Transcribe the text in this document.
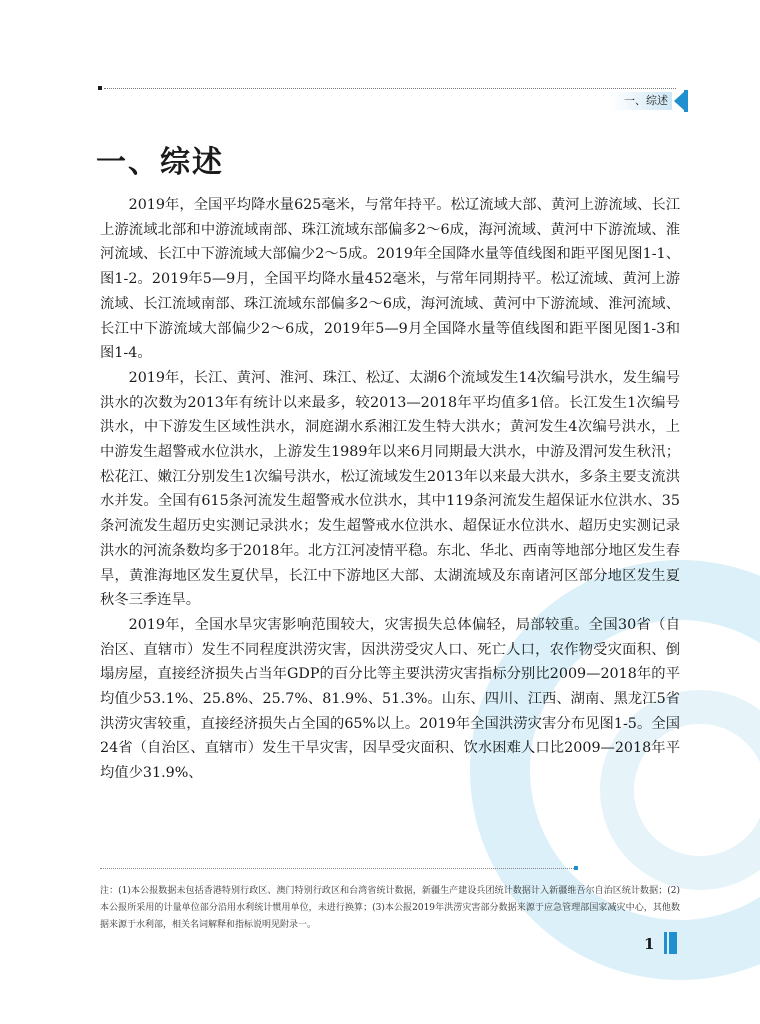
一、综述
一、综述

2019年，全国平均降水量625毫米，与常年持平。松辽流域大部、黄河上游流域、长江上游流域北部和中游流域南部、珠江流域东部偏多2～6成，海河流域、黄河中下游流域、淮河流域、长江中下游流域大部偏少2～5成。2019年全国降水量等值线图和距平图见图1-1、图1-2。2019年5—9月，全国平均降水量452毫米，与常年同期持平。松辽流域、黄河上游流域、长江流域南部、珠江流域东部偏多2～6成，海河流域、黄河中下游流域、淮河流域、长江中下游流域大部偏少2～6成，2019年5—9月全国降水量等值线图和距平图见图1-3和图1-4。

2019年，长江、黄河、淮河、珠江、松辽、太湖6个流域发生14次编号洪水，发生编号洪水的次数为2013年有统计以来最多，较2013—2018年平均值多1倍。长江发生1次编号洪水，中下游发生区域性洪水，洞庭湖水系湘江发生特大洪水；黄河发生4次编号洪水，上中游发生超警戒水位洪水，上游发生1989年以来6月同期最大洪水，中游及渭河发生秋汛；松花江、嫩江分别发生1次编号洪水，松辽流域发生2013年以来最大洪水，多条主要支流洪水并发。全国有615条河流发生超警戒水位洪水，其中119条河流发生超保证水位洪水、35条河流发生超历史实测记录洪水；发生超警戒水位洪水、超保证水位洪水、超历史实测记录洪水的河流条数均多于2018年。北方江河凌情平稳。东北、华北、西南等地部分地区发生春旱，黄淮海地区发生夏伏旱，长江中下游地区大部、太湖流域及东南诸河区部分地区发生夏秋冬三季连旱。

2019年，全国水旱灾害影响范围较大，灾害损失总体偏轻，局部较重。全国30省（自治区、直辖市）发生不同程度洪涝灾害，因洪涝受灾人口、死亡人口，农作物受灾面积、倒塌房屋，直接经济损失占当年GDP的百分比等主要洪涝灾害指标分别比2009—2018年的平均值少53.1%、25.8%、25.7%、81.9%、51.3%。山东、四川、江西、湖南、黑龙江5省洪涝灾害较重，直接经济损失占全国的65%以上。2019年全国洪涝灾害分布见图1-5。全国24省（自治区、直辖市）发生干旱灾害，因旱受灾面积、饮水困难人口比2009—2018年平均值少31.9%、

注：(1)本公报数据未包括香港特别行政区、澳门特别行政区和台湾省统计数据，新疆生产建设兵团统计数据计入新疆维吾尔自治区统计数据；(2)本公报所采用的计量单位部分沿用水利统计惯用单位，未进行换算；(3)本公报2019年洪涝灾害部分数据来源于应急管理部国家减灾中心，其他数据来源于水利部，相关名词解释和指标说明见附录一。
1
